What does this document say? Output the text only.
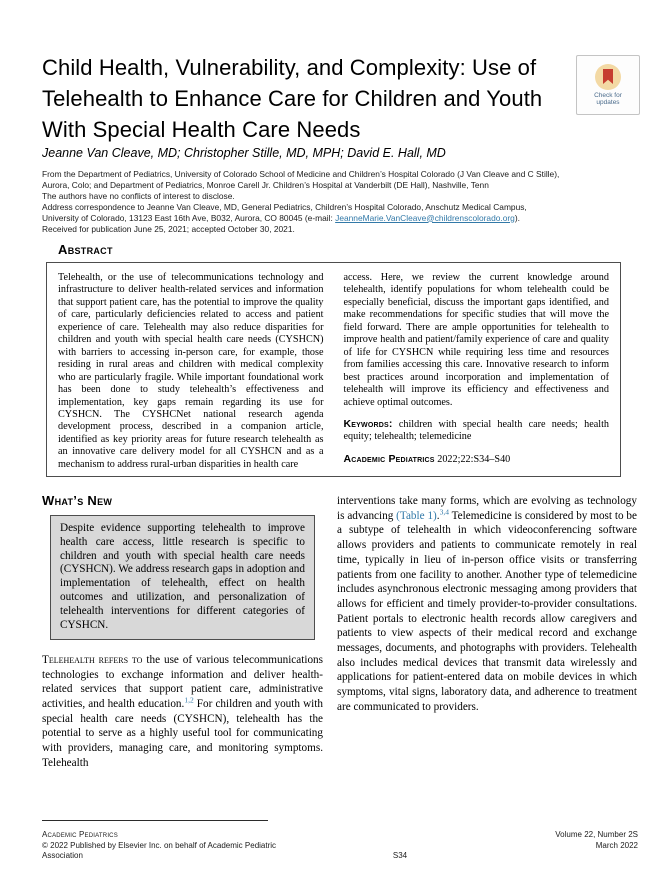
Child Health, Vulnerability, and Complexity: Use of
Telehealth to Enhance Care for Children and Youth
With Special Health Care Needs
Check for
updates
Jeanne Van Cleave, MD; Christopher Stille, MD, MPH; David E. Hall, MD
From the Department of Pediatrics, University of Colorado School of Medicine and Children’s Hospital Colorado (J Van Cleave and C Stille),
Aurora, Colo; and Department of Pediatrics, Monroe Carell Jr. Children’s Hospital at Vanderbilt (DE Hall), Nashville, Tenn
The authors have no conflicts of interest to disclose.
Address correspondence to Jeanne Van Cleave, MD, General Pediatrics, Children’s Hospital Colorado, Anschutz Medical Campus,
University of Colorado, 13123 East 16th Ave, B032, Aurora, CO 80045 (e-mail: JeanneMarie.VanCleave@childrenscolorado.org).
Received for publication June 25, 2021; accepted October 30, 2021.
Abstract

Telehealth, or the use of telecommunications technology and infrastructure to deliver health-related services and information that support patient care, has the potential to improve the quality of care, particularly deficiencies related to access and patient experience of care. Telehealth may also reduce disparities for children and youth with special health care needs (CYSHCN) with barriers to accessing in-person care, for example, those residing in rural areas and children with medical complexity who are particularly fragile. While important foundational work has been done to study telehealth’s effectiveness and implementation, key gaps remain regarding its use for CYSHCN. The CYSHCNet national research agenda development process, described in a companion article, identified as key priority areas for future research telehealth as an innovative care delivery model for all CYSHCN and as a mechanism to address rural-urban disparities in health care

access. Here, we review the current knowledge around telehealth, identify populations for whom telehealth could be especially beneficial, discuss the important gaps identified, and make recommendations for specific studies that will move the field forward. There are ample opportunities for telehealth to improve health and patient/family experience of care and quality of life for CYSHCN while requiring less time and resources from families accessing this care. Innovative research to inform best practices around incorporation and implementation of telehealth will improve its efficiency and effectiveness and achieve optimal outcomes.

Keywords: children with special health care needs; health equity; telehealth; telemedicine

Academic Pediatrics 2022;22:S34–S40

What’s New
Despite evidence supporting telehealth to improve health care access, little research is specific to children and youth with special health care needs (CYSHCN). We address research gaps in adoption and implementation of telehealth, effect on health outcomes and utilization, and personalization of telehealth interventions for different categories of CYSHCN.

Telehealth refers to the use of various telecommunications technologies to exchange information and deliver health-related services that support patient care, administrative activities, and health education.$^{1,2}$ For children and youth with special health care needs (CYSHCN), telehealth has the potential to serve as a highly useful tool for communicating with providers, managing care, and monitoring symptoms. Telehealth

interventions take many forms, which are evolving as technology is advancing (Table 1).$^{3,4}$ Telemedicine is considered by most to be a subtype of telehealth in which videoconferencing software allows providers and patients to communicate remotely in real time, typically in lieu of in-person office visits or transferring patients from one facility to another. Another type of telemedicine includes asynchronous electronic messaging among providers that allows for efficient and timely provider-to-provider consultations. Patient portals to electronic health records allow caregivers and patients to view aspects of their medical record and exchange messages, documents, and photographs with providers. Telehealth also includes medical devices that transmit data wirelessly and applications for patient-entered data on mobile devices in which symptoms, vital signs, laboratory data, and adherence to treatment are communicated to providers.

Academic Pediatrics
© 2022 Published by Elsevier Inc. on behalf of Academic Pediatric
Association	S34
Volume 22, Number 2S
March 2022
